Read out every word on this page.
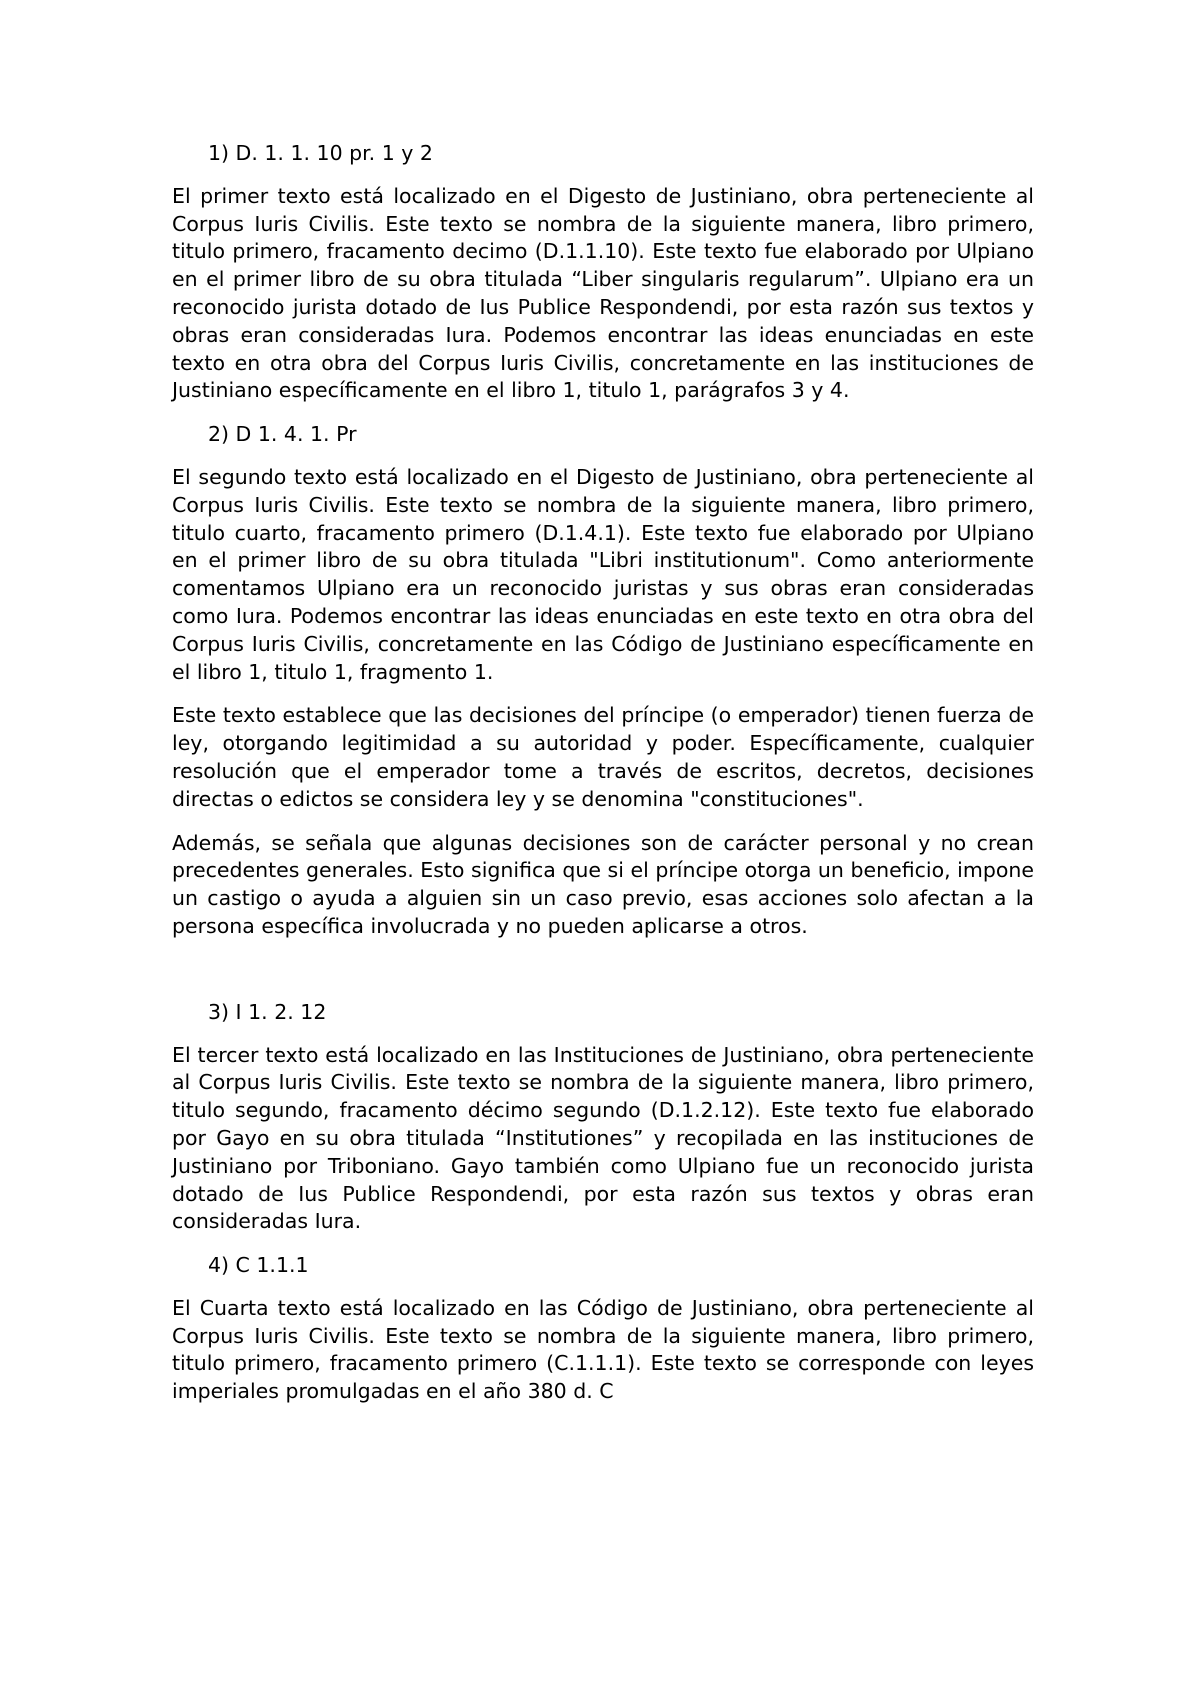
1) D. 1. 1. 10 pr. 1 y 2

El primer texto está localizado en el Digesto de Justiniano, obra perteneciente al Corpus Iuris Civilis. Este texto se nombra de la siguiente manera, libro primero, titulo primero, fracamento decimo (D.1.1.10). Este texto fue elaborado por Ulpiano en el primer libro de su obra titulada “Liber singularis regularum”. Ulpiano era un reconocido jurista dotado de Ius Publice Respondendi, por esta razón sus textos y obras eran consideradas Iura. Podemos encontrar las ideas enunciadas en este texto en otra obra del Corpus Iuris Civilis, concretamente en las instituciones de Justiniano específicamente en el libro 1, titulo 1, parágrafos 3 y 4.

2) D 1. 4. 1. Pr

El segundo texto está localizado en el Digesto de Justiniano, obra perteneciente al Corpus Iuris Civilis. Este texto se nombra de la siguiente manera, libro primero, titulo cuarto, fracamento primero (D.1.4.1). Este texto fue elaborado por Ulpiano en el primer libro de su obra titulada "Libri institutionum". Como anteriormente comentamos Ulpiano era un reconocido juristas y sus obras eran consideradas como Iura. Podemos encontrar las ideas enunciadas en este texto en otra obra del Corpus Iuris Civilis, concretamente en las Código de Justiniano específicamente en el libro 1, titulo 1, fragmento 1.

Este texto establece que las decisiones del príncipe (o emperador) tienen fuerza de ley, otorgando legitimidad a su autoridad y poder. Específicamente, cualquier resolución que el emperador tome a través de escritos, decretos, decisiones directas o edictos se considera ley y se denomina "constituciones".

Además, se señala que algunas decisiones son de carácter personal y no crean precedentes generales. Esto significa que si el príncipe otorga un beneficio, impone un castigo o ayuda a alguien sin un caso previo, esas acciones solo afectan a la persona específica involucrada y no pueden aplicarse a otros.

3) I 1. 2. 12

El tercer texto está localizado en las Instituciones de Justiniano, obra perteneciente al Corpus Iuris Civilis. Este texto se nombra de la siguiente manera, libro primero, titulo segundo, fracamento décimo segundo (D.1.2.12). Este texto fue elaborado por Gayo en su obra titulada “Institutiones” y recopilada en las instituciones de Justiniano por Triboniano. Gayo también como Ulpiano fue un reconocido jurista dotado de Ius Publice Respondendi, por esta razón sus textos y obras eran consideradas Iura.

4) C 1.1.1

El Cuarta texto está localizado en las Código de Justiniano, obra perteneciente al Corpus Iuris Civilis. Este texto se nombra de la siguiente manera, libro primero, titulo primero, fracamento primero (C.1.1.1). Este texto se corresponde con leyes imperiales promulgadas en el año 380 d. C
